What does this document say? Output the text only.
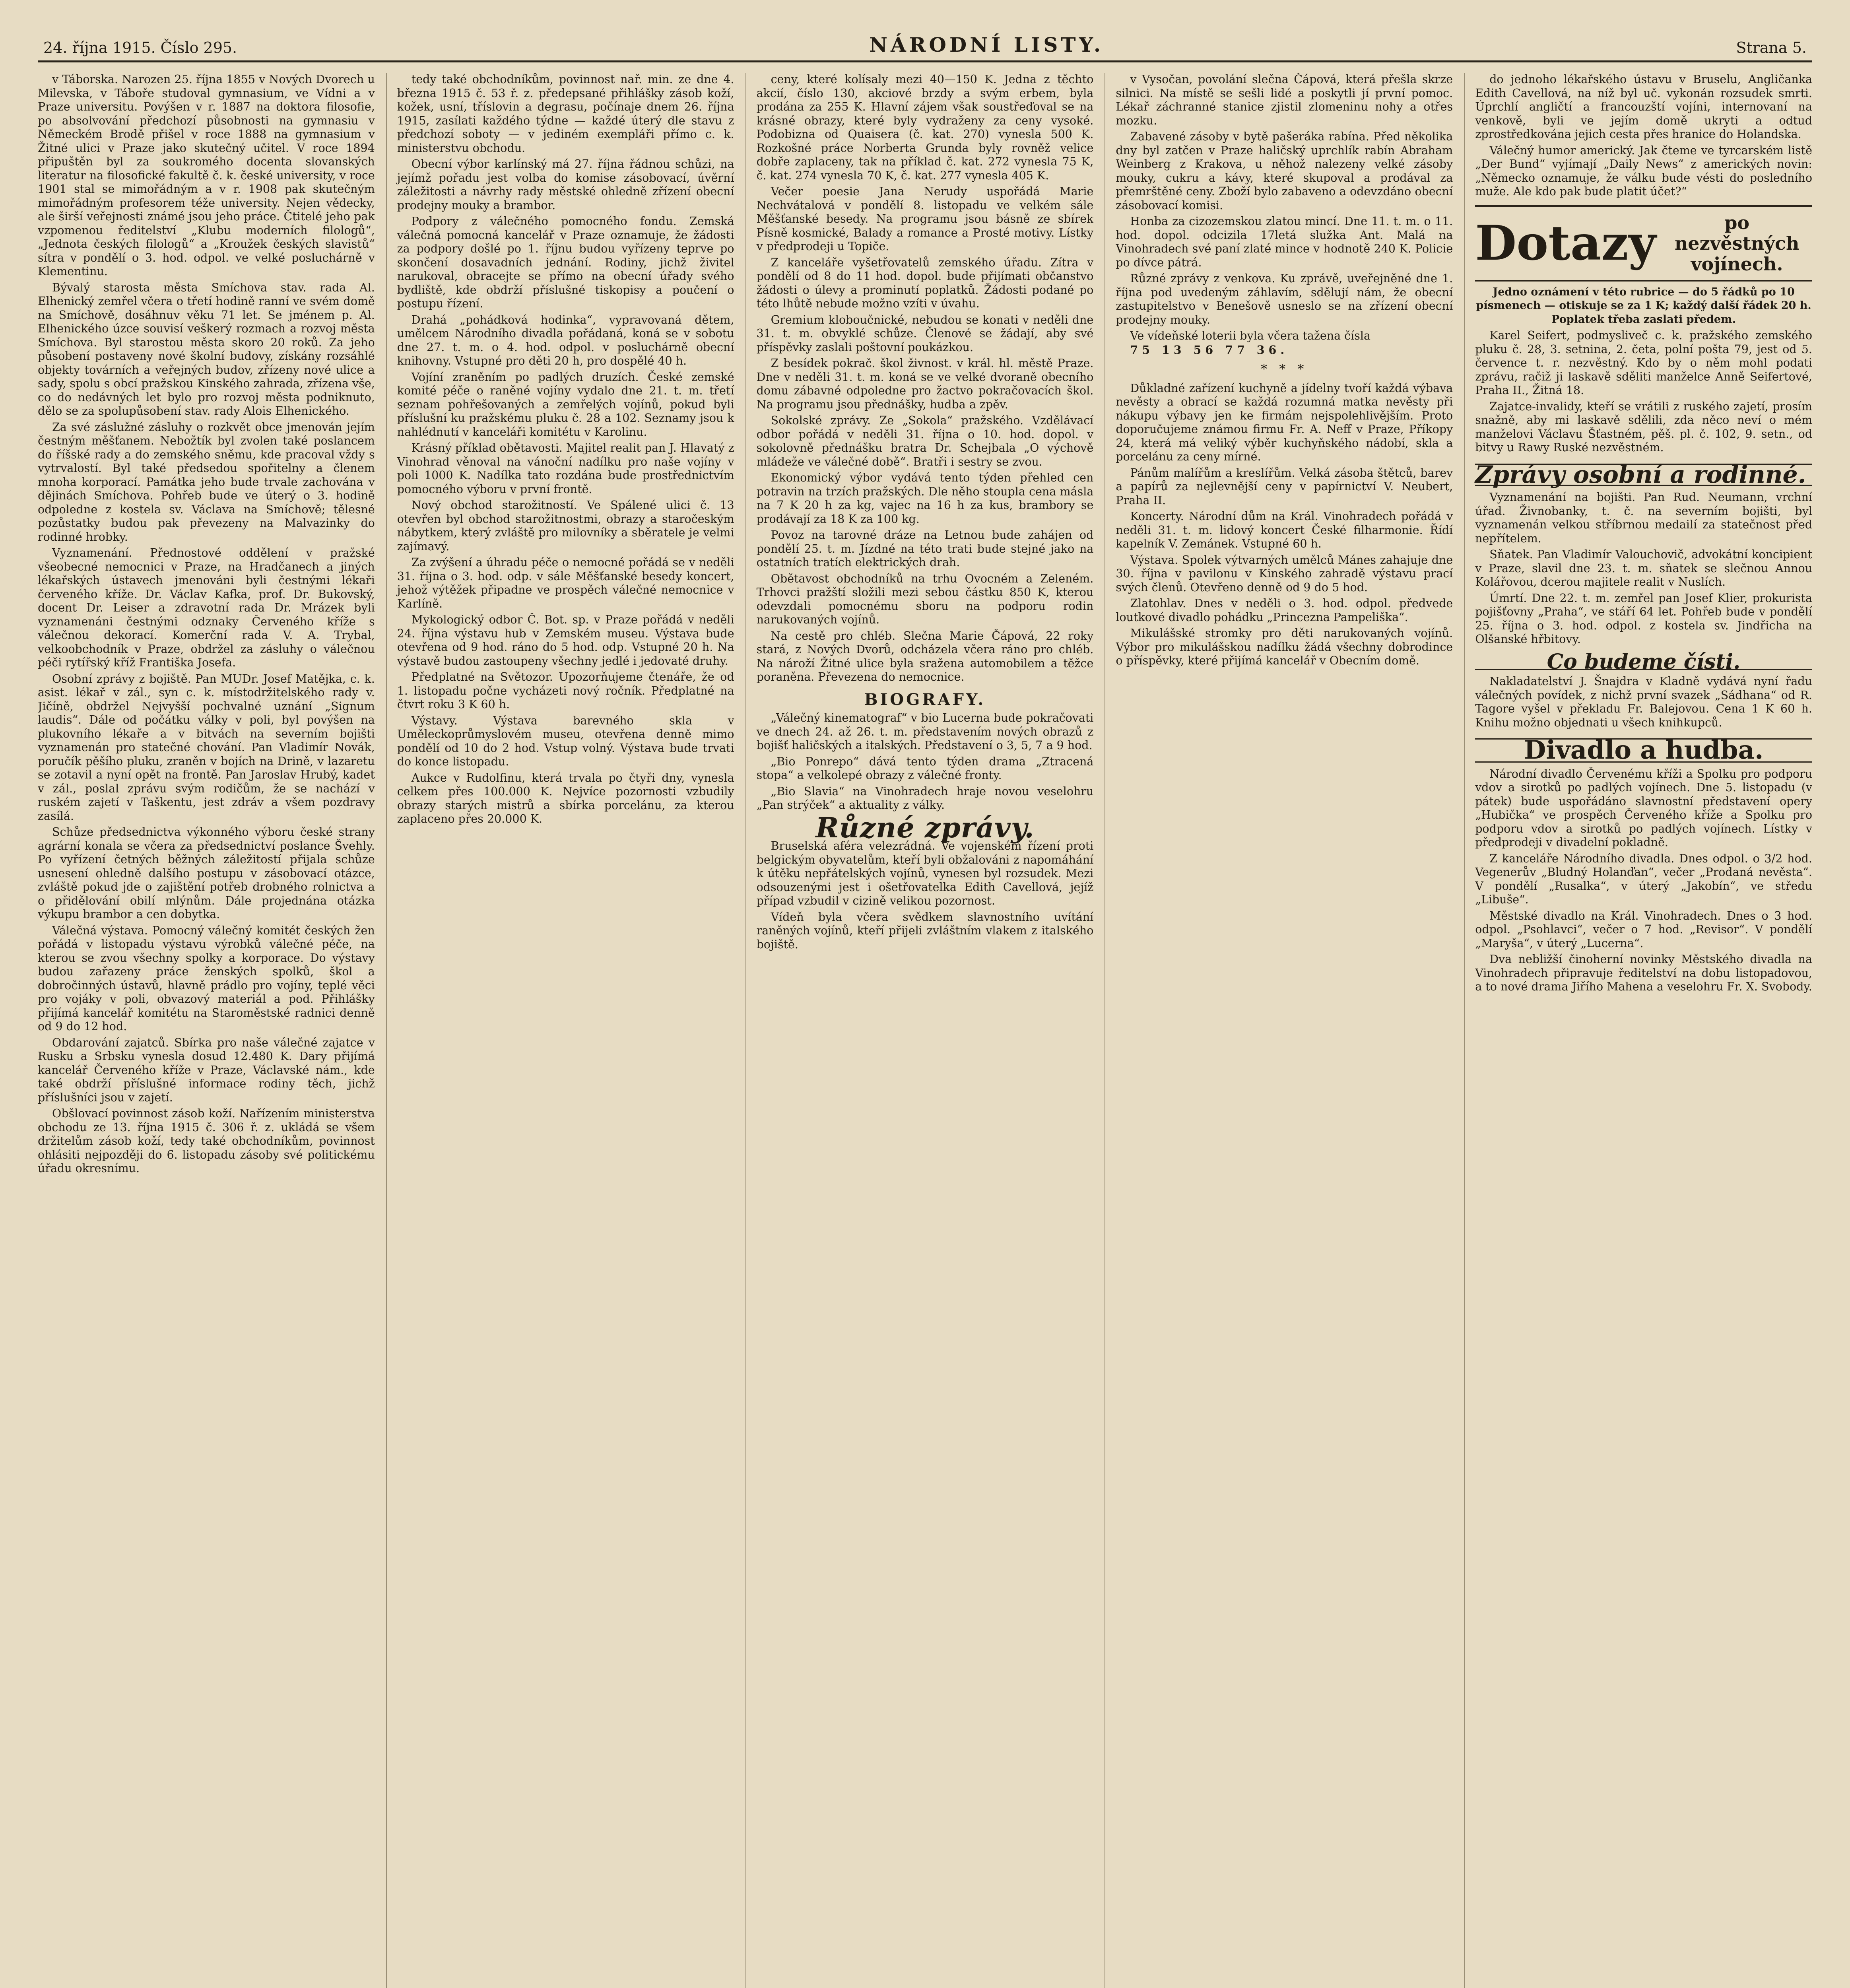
24. října 1915. Číslo 295.	NÁRODNÍ LISTY.	Strana 5.

v Táborska. Narozen 25. října 1855 v Nových Dvorech u Milevska, v Táboře studoval gymnasium, ve Vídni a v Praze universitu. Povýšen v r. 1887 na doktora filosofie, po absolvování předchozí působnosti na gymnasiu v Německém Brodě přišel v roce 1888 na gymnasium v Žitné ulici v Praze jako skutečný učitel. V roce 1894 připuštěn byl za soukromého docenta slovanských literatur na filosofické fakultě č. k. české university, v roce 1901 stal se mimořádným a v r. 1908 pak skutečným mimořádným profesorem téže university. Nejen vědecky, ale širší veřejnosti známé jsou jeho práce. Čtitelé jeho pak vzpomenou ředitelství „Klubu moderních filologů“, „Jednota českých filologů“ a „Kroužek českých slavistů“ sítra v pondělí o 3. hod. odpol. ve velké posluchárně v Klementinu.

Bývalý starosta města Smíchova stav. rada Al. Elhenický zemřel včera o třetí hodině ranní ve svém domě na Smíchově, dosáhnuv věku 71 let. Se jménem p. Al. Elhenického úzce souvisí veškerý rozmach a rozvoj města Smíchova. Byl starostou města skoro 20 roků. Za jeho působení postaveny nové školní budovy, získány rozsáhlé objekty továrních a veřejných budov, zřízeny nové ulice a sady, spolu s obcí pražskou Kinského zahrada, zřízena vše, co do nedávných let bylo pro rozvoj města podniknuto, dělo se za spolupůsobení stav. rady Alois Elhenického.

Za své záslužné zásluhy o rozkvět obce jmenován jejím čestným měšťanem. Nebožtík byl zvolen také poslancem do říšské rady a do zemského sněmu, kde pracoval vždy s vytrvalostí. Byl také předsedou spořitelny a členem mnoha korporací. Památka jeho bude trvale zachována v dějinách Smíchova. Pohřeb bude ve úterý o 3. hodině odpoledne z kostela sv. Václava na Smíchově; tělesné pozůstatky budou pak převezeny na Malvazinky do rodinné hrobky.

Vyznamenání. Přednostové oddělení v pražské všeobecné nemocnici v Praze, na Hradčanech a jiných lékařských ústavech jmenováni byli čestnými lékaři červeného kříže. Dr. Václav Kafka, prof. Dr. Bukovský, docent Dr. Leiser a zdravotní rada Dr. Mrázek byli vyznamenáni čestnými odznaky Červeného kříže s válečnou dekorací. Komerční rada V. A. Trybal, velkoobchodník v Praze, obdržel za zásluhy o válečnou péči rytířský kříž Františka Josefa.

Osobní zprávy z bojiště. Pan MUDr. Josef Matějka, c. k. asist. lékař v zál., syn c. k. místodržitelského rady v. Jičíně, obdržel Nejvyšší pochvalné uznání „Signum laudis“. Dále od počátku války v poli, byl povýšen na plukovního lékaře a v bitvách na severním bojišti vyznamenán pro statečné chování. Pan Vladimír Novák, poručík pěšího pluku, zraněn v bojích na Drině, v lazaretu se zotavil a nyní opět na frontě. Pan Jaroslav Hrubý, kadet v zál., poslal zprávu svým rodičům, že se nachází v ruském zajetí v Taškentu, jest zdráv a všem pozdravy zasílá.

Schůze předsednictva výkonného výboru české strany agrární konala se včera za předsednictví poslance Švehly. Po vyřízení četných běžných záležitostí přijala schůze usnesení ohledně dalšího postupu v zásobovací otázce, zvláště pokud jde o zajištění potřeb drobného rolnictva a o přidělování obilí mlýnům. Dále projednána otázka výkupu brambor a cen dobytka.

Válečná výstava. Pomocný válečný komitét českých žen pořádá v listopadu výstavu výrobků válečné péče, na kterou se zvou všechny spolky a korporace. Do výstavy budou zařazeny práce ženských spolků, škol a dobročinných ústavů, hlavně prádlo pro vojíny, teplé věci pro vojáky v poli, obvazový materiál a pod. Přihlášky přijímá kancelář komitétu na Staroměstské radnici denně od 9 do 12 hod.

Obdarování zajatců. Sbírka pro naše válečné zajatce v Rusku a Srbsku vynesla dosud 12.480 K. Dary přijímá kancelář Červeného kříže v Praze, Václavské nám., kde také obdrží příslušné informace rodiny těch, jichž příslušníci jsou v zajetí.

Obšlovací povinnost zásob koží. Nařízením ministerstva obchodu ze 13. října 1915 č. 306 ř. z. ukládá se všem držitelům zásob koží, tedy také obchodníkům, povinnost ohlásiti nejpozději do 6. listopadu zásoby své politickému úřadu okresnímu.

tedy také obchodníkům, povinnost nař. min. ze dne 4. března 1915 č. 53 ř. z. předepsané přihlášky zásob koží, kožek, usní, tříslovin a degrasu, počínaje dnem 26. října 1915, zasílati každého týdne — každé úterý dle stavu z předchozí soboty — v jediném exempláři přímo c. k. ministerstvu obchodu.

Obecní výbor karlínský má 27. října řádnou schůzi, na jejímž pořadu jest volba do komise zásobovací, úvěrní záležitosti a návrhy rady městské ohledně zřízení obecní prodejny mouky a brambor.

Podpory z válečného pomocného fondu. Zemská válečná pomocná kancelář v Praze oznamuje, že žádosti za podpory došlé po 1. říjnu budou vyřízeny teprve po skončení dosavadních jednání. Rodiny, jichž živitel narukoval, obracejte se přímo na obecní úřady svého bydliště, kde obdrží příslušné tiskopisy a poučení o postupu řízení.

Drahá „pohádková hodinka“, vypravovaná dětem, umělcem Národního divadla pořádaná, koná se v sobotu dne 27. t. m. o 4. hod. odpol. v posluchárně obecní knihovny. Vstupné pro děti 20 h, pro dospělé 40 h.

Vojíní zraněním po padlých druzích. České zemské komité péče o raněné vojíny vydalo dne 21. t. m. třetí seznam pohřešovaných a zemřelých vojínů, pokud byli příslušní ku pražskému pluku č. 28 a 102. Seznamy jsou k nahlédnutí v kanceláři komitétu v Karolinu.

Krásný příklad obětavosti. Majitel realit pan J. Hlavatý z Vinohrad věnoval na vánoční nadílku pro naše vojíny v poli 1000 K. Nadílka tato rozdána bude prostřednictvím pomocného výboru v první frontě.

Nový obchod starožitností. Ve Spálené ulici č. 13 otevřen byl obchod starožitnostmi, obrazy a staročeským nábytkem, který zvláště pro milovníky a sběratele je velmi zajímavý.

Za zvýšení a úhradu péče o nemocné pořádá se v neděli 31. října o 3. hod. odp. v sále Měšťanské besedy koncert, jehož výtěžek připadne ve prospěch válečné nemocnice v Karlíně.

Mykologický odbor Č. Bot. sp. v Praze pořádá v neděli 24. října výstavu hub v Zemském museu. Výstava bude otevřena od 9 hod. ráno do 5 hod. odp. Vstupné 20 h. Na výstavě budou zastoupeny všechny jedlé i jedovaté druhy.

Předplatné na Světozor. Upozorňujeme čtenáře, že od 1. listopadu počne vycházeti nový ročník. Předplatné na čtvrt roku 3 K 60 h.

Výstavy. Výstava barevného skla v Uměleckoprůmyslovém museu, otevřena denně mimo pondělí od 10 do 2 hod. Vstup volný. Výstava bude trvati do konce listopadu.

Aukce v Rudolfinu, která trvala po čtyři dny, vynesla celkem přes 100.000 K. Nejvíce pozornosti vzbudily obrazy starých mistrů a sbírka porcelánu, za kterou zaplaceno přes 20.000 K.

ceny, které kolísaly mezi 40—150 K. Jedna z těchto akcií, číslo 130, akciové brzdy a svým erbem, byla prodána za 255 K. Hlavní zájem však soustřeďoval se na krásné obrazy, které byly vydraženy za ceny vysoké. Podobizna od Quaisera (č. kat. 270) vynesla 500 K. Rozkošné práce Norberta Grunda byly rovněž velice dobře zaplaceny, tak na příklad č. kat. 272 vynesla 75 K, č. kat. 274 vynesla 70 K, č. kat. 277 vynesla 405 K.

Večer poesie Jana Nerudy uspořádá Marie Nechvátalová v pondělí 8. listopadu ve velkém sále Měšťanské besedy. Na programu jsou básně ze sbírek Písně kosmické, Balady a romance a Prosté motivy. Lístky v předprodeji u Topiče.

Z kanceláře vyšetřovatelů zemského úřadu. Zítra v pondělí od 8 do 11 hod. dopol. bude přijímati občanstvo žádosti o úlevy a prominutí poplatků. Žádosti podané po této lhůtě nebude možno vzíti v úvahu.

Gremium kloboučnické, nebudou se konati v neděli dne 31. t. m. obvyklé schůze. Členové se žádají, aby své příspěvky zaslali poštovní poukázkou.

Z besídek pokrač. škol živnost. v král. hl. městě Praze. Dne v neděli 31. t. m. koná se ve velké dvoraně obecního domu zábavné odpoledne pro žactvo pokračovacích škol. Na programu jsou přednášky, hudba a zpěv.

Sokolské zprávy. Ze „Sokola“ pražského. Vzdělávací odbor pořádá v neděli 31. října o 10. hod. dopol. v sokolovně přednášku bratra Dr. Schejbala „O výchově mládeže ve válečné době“. Bratři i sestry se zvou.

Ekonomický výbor vydává tento týden přehled cen potravin na trzích pražských. Dle něho stoupla cena másla na 7 K 20 h za kg, vajec na 16 h za kus, brambory se prodávají za 18 K za 100 kg.

Povoz na tarovné dráze na Letnou bude zahájen od pondělí 25. t. m. Jízdné na této trati bude stejné jako na ostatních tratích elektrických drah.

Obětavost obchodníků na trhu Ovocném a Zeleném. Trhovci pražští složili mezi sebou částku 850 K, kterou odevzdali pomocnému sboru na podporu rodin narukovaných vojínů.

Na cestě pro chléb. Slečna Marie Čápová, 22 roky stará, z Nových Dvorů, odcházela včera ráno pro chléb. Na nároží Žitné ulice byla sražena automobilem a těžce poraněna. Převezena do nemocnice.

BIOGRAFY.

„Válečný kinematograf“ v bio Lucerna bude pokračovati ve dnech 24. až 26. t. m. představením nových obrazů z bojišť haličských a italských. Představení o 3, 5, 7 a 9 hod.

„Bio Ponrepo“ dává tento týden drama „Ztracená stopa“ a velkolepé obrazy z válečné fronty.

„Bio Slavia“ na Vinohradech hraje novou veselohru „Pan strýček“ a aktuality z války.

Různé zprávy.

Bruselská aféra velezrádná. Ve vojenském řízení proti belgickým obyvatelům, kteří byli obžalováni z napomáhání k útěku nepřátelských vojínů, vynesen byl rozsudek. Mezi odsouzenými jest i ošetřovatelka Edith Cavellová, jejíž případ vzbudil v cizině velikou pozornost.

Vídeň byla včera svědkem slavnostního uvítání raněných vojínů, kteří přijeli zvláštním vlakem z italského bojiště.

v Vysočan, povolání slečna Čápová, která přešla skrze silnici. Na místě se sešli lidé a poskytli jí první pomoc. Lékař záchranné stanice zjistil zlomeninu nohy a otřes mozku.

Zabavené zásoby v bytě pašeráka rabína. Před několika dny byl zatčen v Praze haličský uprchlík rabín Abraham Weinberg z Krakova, u něhož nalezeny velké zásoby mouky, cukru a kávy, které skupoval a prodával za přemrštěné ceny. Zboží bylo zabaveno a odevzdáno obecní zásobovací komisi.

Honba za cizozemskou zlatou mincí. Dne 11. t. m. o 11. hod. dopol. odcizila 17letá služka Ant. Malá na Vinohradech své paní zlaté mince v hodnotě 240 K. Policie po dívce pátrá.

Různé zprávy z venkova. Ku zprávě, uveřejněné dne 1. října pod uvedeným záhlavím, sdělují nám, že obecní zastupitelstvo v Benešově usneslo se na zřízení obecní prodejny mouky.

Ve vídeňské loterii byla včera tažena čísla

75 13 56 77 36.

* * *

Důkladné zařízení kuchyně a jídelny tvoří každá výbava nevěsty a obrací se každá rozumná matka nevěsty při nákupu výbavy jen ke firmám nejspolehlivějším. Proto doporučujeme známou firmu Fr. A. Neff v Praze, Příkopy 24, která má veliký výběr kuchyňského nádobí, skla a porcelánu za ceny mírné.

Pánům malířům a kreslířům. Velká zásoba štětců, barev a papírů za nejlevnější ceny v papírnictví V. Neubert, Praha II.

Koncerty. Národní dům na Král. Vinohradech pořádá v neděli 31. t. m. lidový koncert České filharmonie. Řídí kapelník V. Zemánek. Vstupné 60 h.

Výstava. Spolek výtvarných umělců Mánes zahajuje dne 30. října v pavilonu v Kinského zahradě výstavu prací svých členů. Otevřeno denně od 9 do 5 hod.

Zlatohlav. Dnes v neděli o 3. hod. odpol. předvede loutkové divadlo pohádku „Princezna Pampeliška“.

Mikulášské stromky pro děti narukovaných vojínů. Výbor pro mikulášskou nadílku žádá všechny dobrodince o příspěvky, které přijímá kancelář v Obecním domě.

do jednoho lékařského ústavu v Bruselu, Angličanka Edith Cavellová, na níž byl uč. vykonán rozsudek smrti. Úprchlí angličtí a francouzští vojíni, internovaní na venkově, byli ve jejím domě ukryti a odtud zprostředkována jejich cesta přes hranice do Holandska.

Válečný humor americký. Jak čteme ve tyrcarském listě „Der Bund“ vyjímají „Daily News“ z amerických novin: „Německo oznamuje, že válku bude vésti do posledního muže. Ale kdo pak bude platit účet?“

Dotazy	po nezvěstných vojínech.

Jedno oznámení v této rubrice — do 5 řádků po 10 písmenech — otiskuje se za 1 K; každý další řádek 20 h. Poplatek třeba zaslati předem.

Karel Seifert, podmysliveč c. k. pražského zemského pluku č. 28, 3. setnina, 2. četa, polní pošta 79, jest od 5. července t. r. nezvěstný. Kdo by o něm mohl podati zprávu, račiž ji laskavě sděliti manželce Anně Seifertové, Praha II., Žitná 18.

Zajatce-invalidy, kteří se vrátili z ruského zajetí, prosím snažně, aby mi laskavě sdělili, zda něco neví o mém manželovi Václavu Šťastném, pěš. pl. č. 102, 9. setn., od bitvy u Rawy Ruské nezvěstném.

Zprávy osobní a rodinné.

Vyznamenání na bojišti. Pan Rud. Neumann, vrchní úřad. Živnobanky, t. č. na severním bojišti, byl vyznamenán velkou stříbrnou medailí za statečnost před nepřítelem.

Sňatek. Pan Vladimír Valouchovič, advokátní koncipient v Praze, slavil dne 23. t. m. sňatek se slečnou Annou Kolářovou, dcerou majitele realit v Nuslích.

Úmrtí. Dne 22. t. m. zemřel pan Josef Klier, prokurista pojišťovny „Praha“, ve stáří 64 let. Pohřeb bude v pondělí 25. října o 3. hod. odpol. z kostela sv. Jindřicha na Olšanské hřbitovy.

Co budeme čísti.

Nakladatelství J. Šnajdra v Kladně vydává nyní řadu válečných povídek, z nichž první svazek „Sádhana“ od R. Tagore vyšel v překladu Fr. Balejovou. Cena 1 K 60 h. Knihu možno objednati u všech knihkupců.

Divadlo a hudba.

Národní divadlo Červenému kříži a Spolku pro podporu vdov a sirotků po padlých vojínech. Dne 5. listopadu (v pátek) bude uspořádáno slavnostní představení opery „Hubička“ ve prospěch Červeného kříže a Spolku pro podporu vdov a sirotků po padlých vojínech. Lístky v předprodeji v divadelní pokladně.

Z kanceláře Národního divadla. Dnes odpol. o 3/2 hod. Vegenerův „Bludný Holanďan“, večer „Prodaná nevěsta“. V pondělí „Rusalka“, v úterý „Jakobín“, ve středu „Libuše“.

Městské divadlo na Král. Vinohradech. Dnes o 3 hod. odpol. „Psohlavci“, večer o 7 hod. „Revisor“. V pondělí „Maryša“, v úterý „Lucerna“.

Dva nebližší činoherní novinky Městského divadla na Vinohradech připravuje ředitelství na dobu listopadovou, a to nové drama Jiřího Mahena a veselohru Fr. X. Svobody.
